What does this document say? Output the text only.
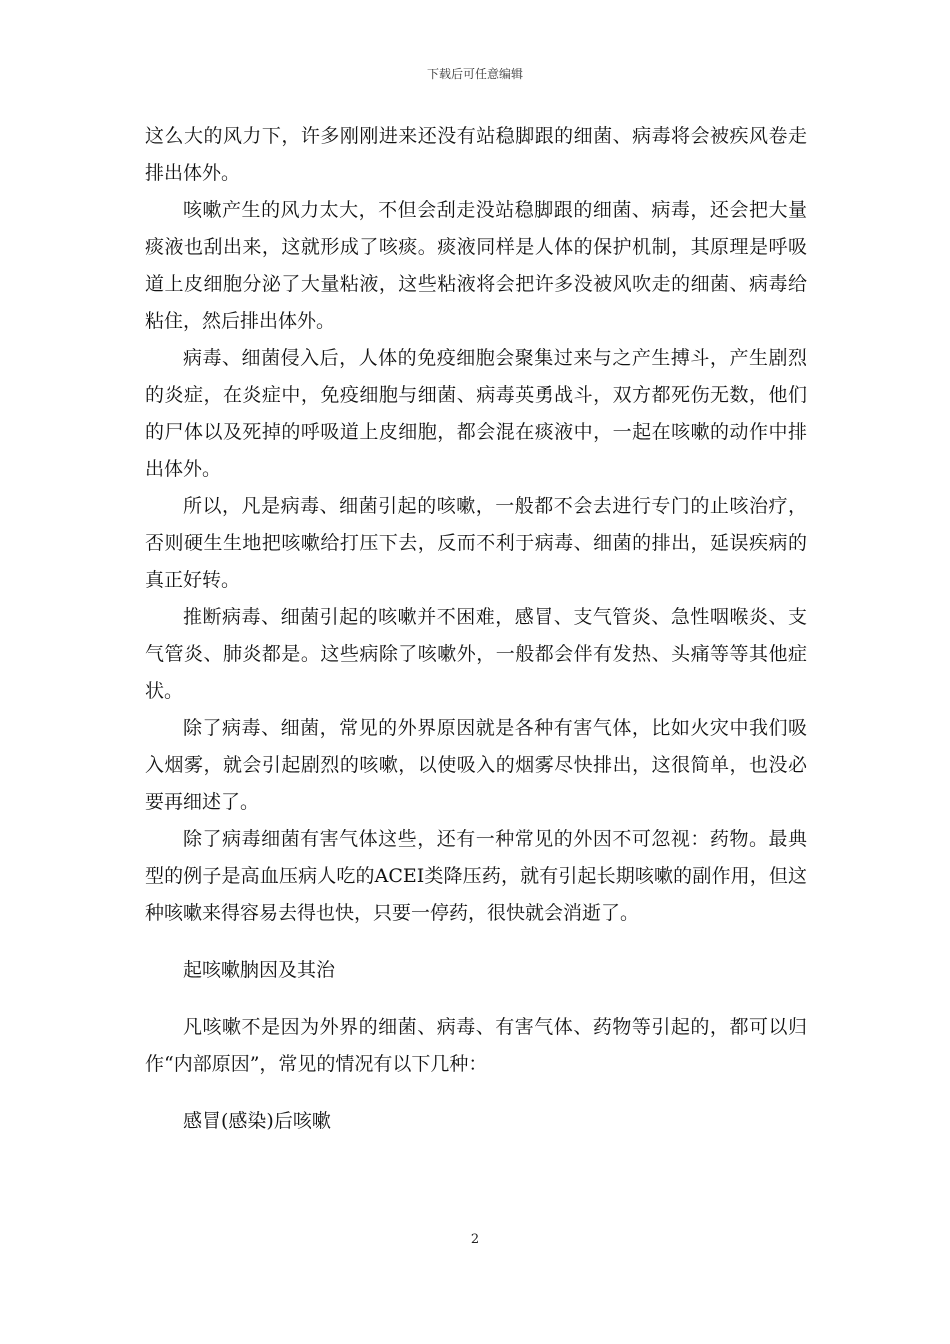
下载后可任意编辑

这么大的风力下，许多刚刚进来还没有站稳脚跟的细菌、病毒将会被疾风卷走排出体外。

咳嗽产生的风力太大，不但会刮走没站稳脚跟的细菌、病毒，还会把大量痰液也刮出来，这就形成了咳痰。痰液同样是人体的保护机制，其原理是呼吸道上皮细胞分泌了大量粘液，这些粘液将会把许多没被风吹走的细菌、病毒给粘住，然后排出体外。

病毒、细菌侵入后，人体的免疫细胞会聚集过来与之产生搏斗，产生剧烈的炎症，在炎症中，免疫细胞与细菌、病毒英勇战斗，双方都死伤无数，他们的尸体以及死掉的呼吸道上皮细胞，都会混在痰液中，一起在咳嗽的动作中排出体外。

所以，凡是病毒、细菌引起的咳嗽，一般都不会去进行专门的止咳治疗，否则硬生生地把咳嗽给打压下去，反而不利于病毒、细菌的排出，延误疾病的真正好转。

推断病毒、细菌引起的咳嗽并不困难，感冒、支气管炎、急性咽喉炎、支气管炎、肺炎都是。这些病除了咳嗽外，一般都会伴有发热、头痛等等其他症状。

除了病毒、细菌，常见的外界原因就是各种有害气体，比如火灾中我们吸入烟雾，就会引起剧烈的咳嗽，以使吸入的烟雾尽快排出，这很简单，也没必要再细述了。

除了病毒细菌有害气体这些，还有一种常见的外因不可忽视：药物。最典型的例子是高血压病人吃的ACEI类降压药，就有引起长期咳嗽的副作用，但这种咳嗽来得容易去得也快，只要一停药，很快就会消逝了。

起咳嗽朒因及其治

凡咳嗽不是因为外界的细菌、病毒、有害气体、药物等引起的，都可以归作“内部原因”，常见的情况有以下几种：

感冒(感染)后咳嗽

2
